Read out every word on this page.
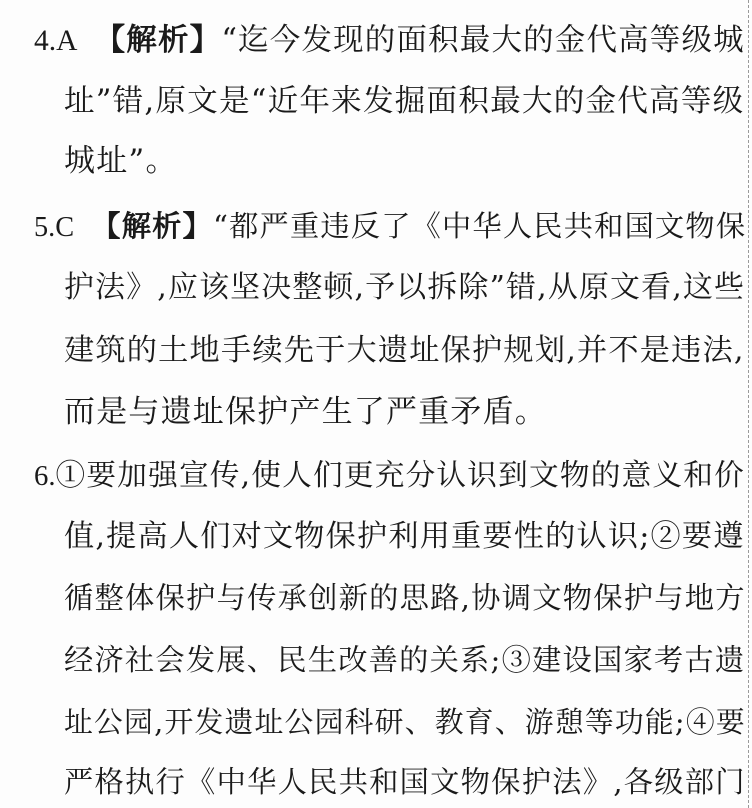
4.A 【解析】“迄今发现的面积最大的金代高等级城
址”错,原文是“近年来发掘面积最大的金代高等级
城址”。
5.C 【解析】“都严重违反了《中华人民共和国文物保
护法》,应该坚决整顿,予以拆除”错,从原文看,这些
建筑的土地手续先于大遗址保护规划,并不是违法,
而是与遗址保护产生了严重矛盾。
6.①要加强宣传,使人们更充分认识到文物的意义和价
值,提高人们对文物保护利用重要性的认识;②要遵
循整体保护与传承创新的思路,协调文物保护与地方
经济社会发展、民生改善的关系;③建设国家考古遗
址公园,开发遗址公园科研、教育、游憩等功能;④要
严格执行《中华人民共和国文物保护法》,各级部门
